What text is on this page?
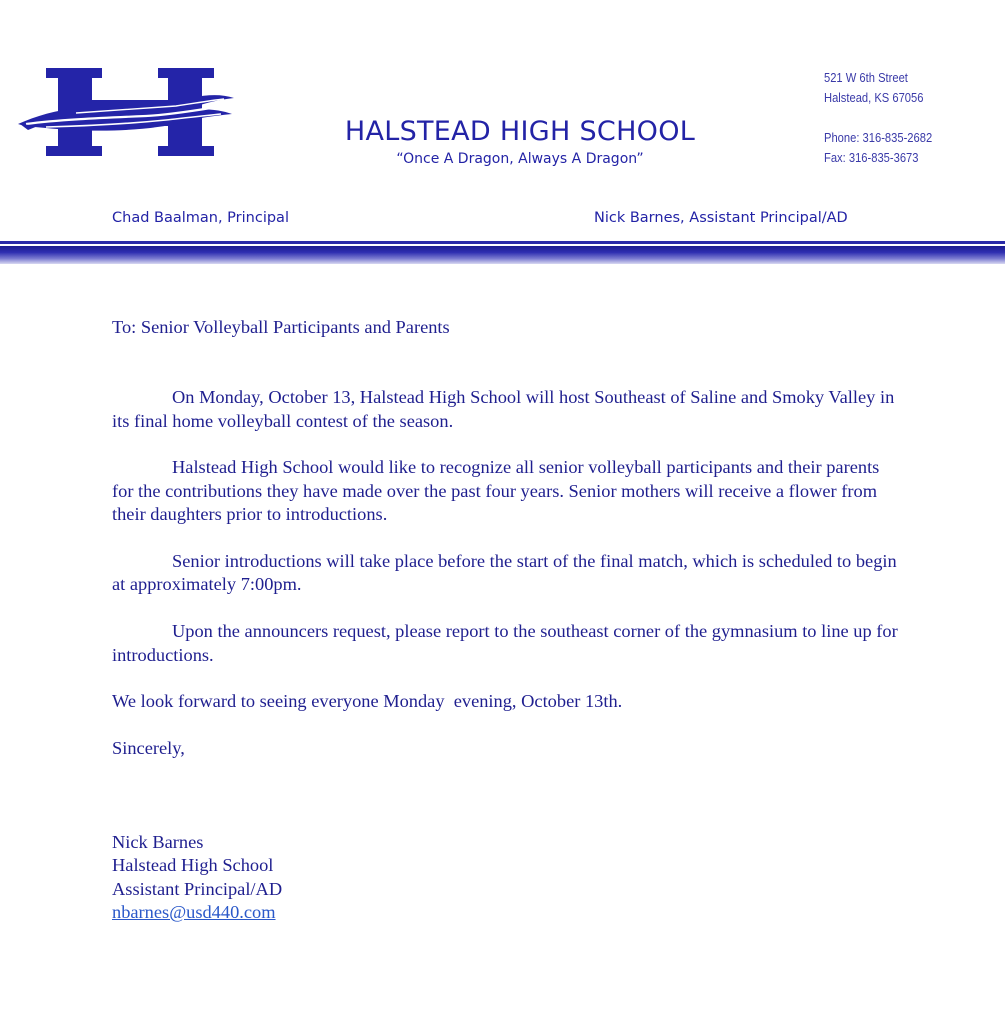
HALSTEAD HIGH SCHOOL
“Once A Dragon, Always A Dragon”
521 W 6th Street
Halstead, KS 67056
Phone: 316-835-2682
Fax: 316-835-3673
Chad Baalman, Principal	Nick Barnes, Assistant Principal/AD

To: Senior Volleyball Participants and Parents

On Monday, October 13, Halstead High School will host Southeast of Saline and Smoky Valley in its final home volleyball contest of the season.

Halstead High School would like to recognize all senior volleyball participants and their parents for the contributions they have made over the past four years. Senior mothers will receive a flower from their daughters prior to introductions.

Senior introductions will take place before the start of the final match, which is scheduled to begin at approximately 7:00pm.

Upon the announcers request, please report to the southeast corner of the gymnasium to line up for introductions.

We look forward to seeing everyone Monday  evening, October 13th.

Sincerely,

Nick Barnes

Halstead High School

Assistant Principal/AD

nbarnes@usd440.com
